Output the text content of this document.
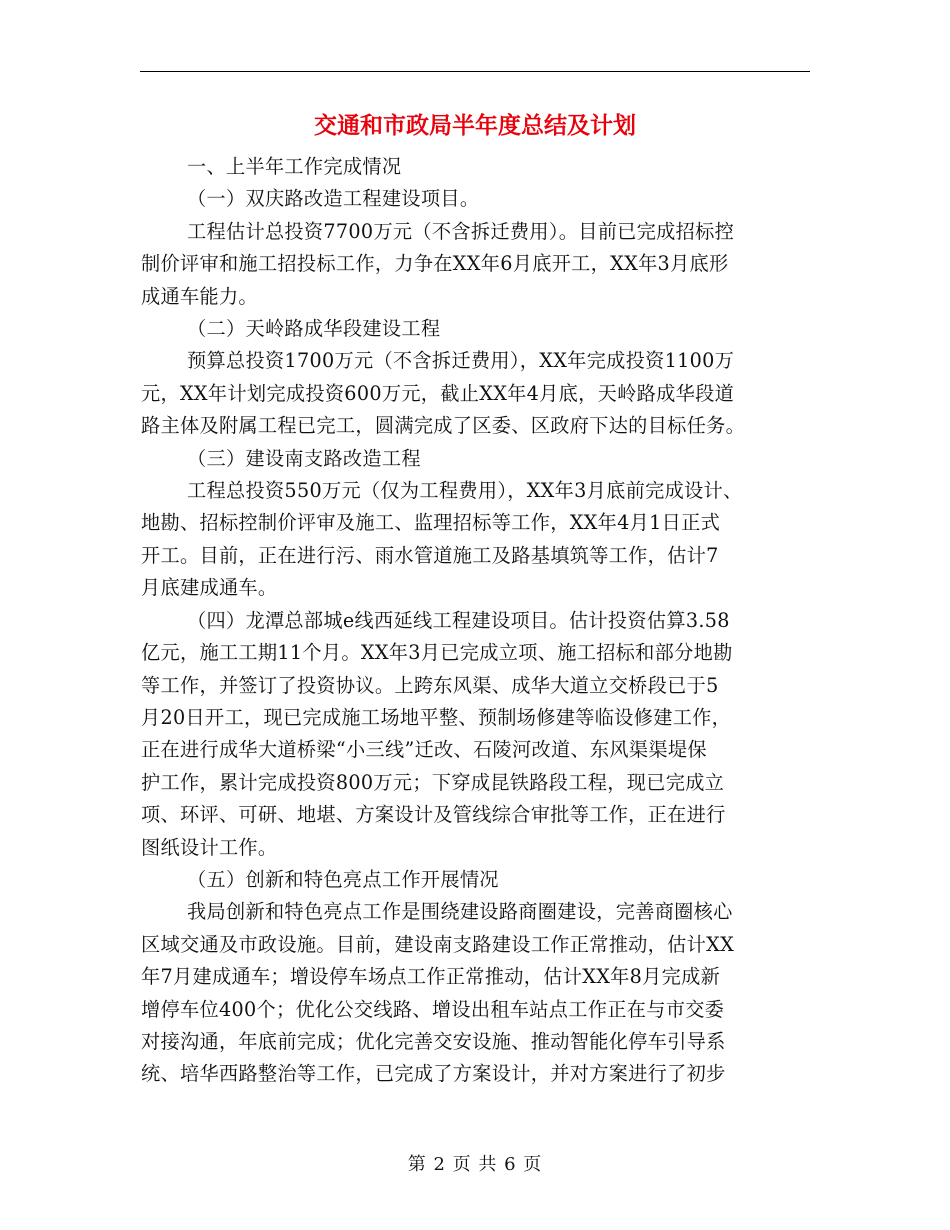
交通和市政局半年度总结及计划

一、上半年工作完成情况

（一）双庆路改造工程建设项目。

工程估计总投资7700万元（不含拆迁费用）。目前已完成招标控

制价评审和施工招投标工作，力争在XX年6月底开工，XX年3月底形

成通车能力。

（二）天岭路成华段建设工程

预算总投资1700万元（不含拆迁费用），XX年完成投资1100万

元，XX年计划完成投资600万元，截止XX年4月底，天岭路成华段道

路主体及附属工程已完工，圆满完成了区委、区政府下达的目标任务。

（三）建设南支路改造工程

工程总投资550万元（仅为工程费用），XX年3月底前完成设计、

地勘、招标控制价评审及施工、监理招标等工作，XX年4月1日正式

开工。目前，正在进行污、雨水管道施工及路基填筑等工作，估计7

月底建成通车。

（四）龙潭总部城e线西延线工程建设项目。估计投资估算3.58

亿元，施工工期11个月。XX年3月已完成立项、施工招标和部分地勘

等工作，并签订了投资协议。上跨东风渠、成华大道立交桥段已于5

月20日开工，现已完成施工场地平整、预制场修建等临设修建工作，

正在进行成华大道桥梁“小三线”迁改、石陵河改道、东风渠渠堤保

护工作，累计完成投资800万元；下穿成昆铁路段工程，现已完成立

项、环评、可研、地堪、方案设计及管线综合审批等工作，正在进行

图纸设计工作。

（五）创新和特色亮点工作开展情况

我局创新和特色亮点工作是围绕建设路商圈建设，完善商圈核心

区域交通及市政设施。目前，建设南支路建设工作正常推动，估计XX

年7月建成通车；增设停车场点工作正常推动，估计XX年8月完成新

增停车位400个；优化公交线路、增设出租车站点工作正在与市交委

对接沟通，年底前完成；优化完善交安设施、推动智能化停车引导系

统、培华西路整治等工作，已完成了方案设计，并对方案进行了初步

第 2 页 共 6 页
